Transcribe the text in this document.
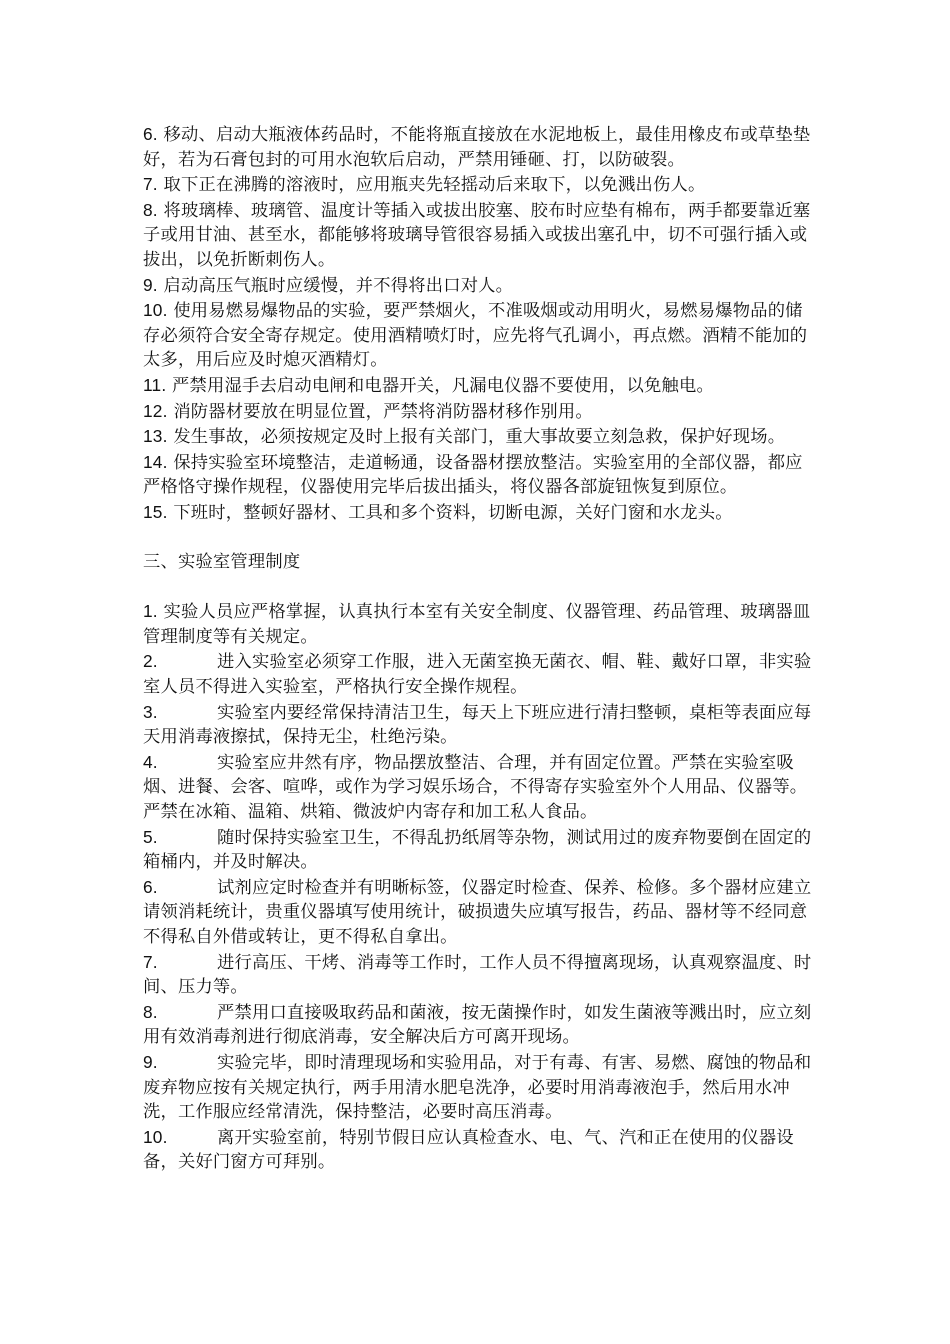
6. 移动、启动大瓶液体药品时，不能将瓶直接放在水泥地板上，最佳用橡皮布或草垫垫好，若为石膏包封的可用水泡软后启动，严禁用锤砸、打，以防破裂。

7. 取下正在沸腾的溶液时，应用瓶夹先轻摇动后来取下，以免溅出伤人。

8. 将玻璃棒、玻璃管、温度计等插入或拔出胶塞、胶布时应垫有棉布，两手都要靠近塞子或用甘油、甚至水，都能够将玻璃导管很容易插入或拔出塞孔中，切不可强行插入或拔出，以免折断刺伤人。

9. 启动高压气瓶时应缓慢，并不得将出口对人。

10. 使用易燃易爆物品的实验，要严禁烟火，不准吸烟或动用明火，易燃易爆物品的储存必须符合安全寄存规定。使用酒精喷灯时，应先将气孔调小，再点燃。酒精不能加的太多，用后应及时熄灭酒精灯。

11. 严禁用湿手去启动电闸和电器开关，凡漏电仪器不要使用，以免触电。

12. 消防器材要放在明显位置，严禁将消防器材移作别用。

13. 发生事故，必须按规定及时上报有关部门，重大事故要立刻急救，保护好现场。

14. 保持实验室环境整洁，走道畅通，设备器材摆放整洁。实验室用的全部仪器，都应严格恪守操作规程，仪器使用完毕后拔出插头，将仪器各部旋钮恢复到原位。

15. 下班时，整顿好器材、工具和多个资料，切断电源，关好门窗和水龙头。

三、实验室管理制度

1. 实验人员应严格掌握，认真执行本室有关安全制度、仪器管理、药品管理、玻璃器皿管理制度等有关规定。

2.	进入实验室必须穿工作服，进入无菌室换无菌衣、帽、鞋、戴好口罩，非实验室人员不得进入实验室，严格执行安全操作规程。

3.	实验室内要经常保持清洁卫生，每天上下班应进行清扫整顿，桌柜等表面应每天用消毒液擦拭，保持无尘，杜绝污染。

4.	实验室应井然有序，物品摆放整洁、合理，并有固定位置。严禁在实验室吸烟、进餐、会客、喧哗，或作为学习娱乐场合，不得寄存实验室外个人用品、仪器等。严禁在冰箱、温箱、烘箱、微波炉内寄存和加工私人食品。

5.	随时保持实验室卫生，不得乱扔纸屑等杂物，测试用过的废弃物要倒在固定的箱桶内，并及时解决。

6.	试剂应定时检查并有明晰标签，仪器定时检查、保养、检修。多个器材应建立请领消耗统计，贵重仪器填写使用统计，破损遗失应填写报告，药品、器材等不经同意不得私自外借或转让，更不得私自拿出。

7.	进行高压、干烤、消毒等工作时，工作人员不得擅离现场，认真观察温度、时间、压力等。

8.	严禁用口直接吸取药品和菌液，按无菌操作时，如发生菌液等溅出时，应立刻用有效消毒剂进行彻底消毒，安全解决后方可离开现场。

9.	实验完毕，即时清理现场和实验用品，对于有毒、有害、易燃、腐蚀的物品和废弃物应按有关规定执行，两手用清水肥皂洗净，必要时用消毒液泡手，然后用水冲洗，工作服应经常清洗，保持整洁，必要时高压消毒。

10.	离开实验室前，特别节假日应认真检查水、电、气、汽和正在使用的仪器设备，关好门窗方可拜别。
